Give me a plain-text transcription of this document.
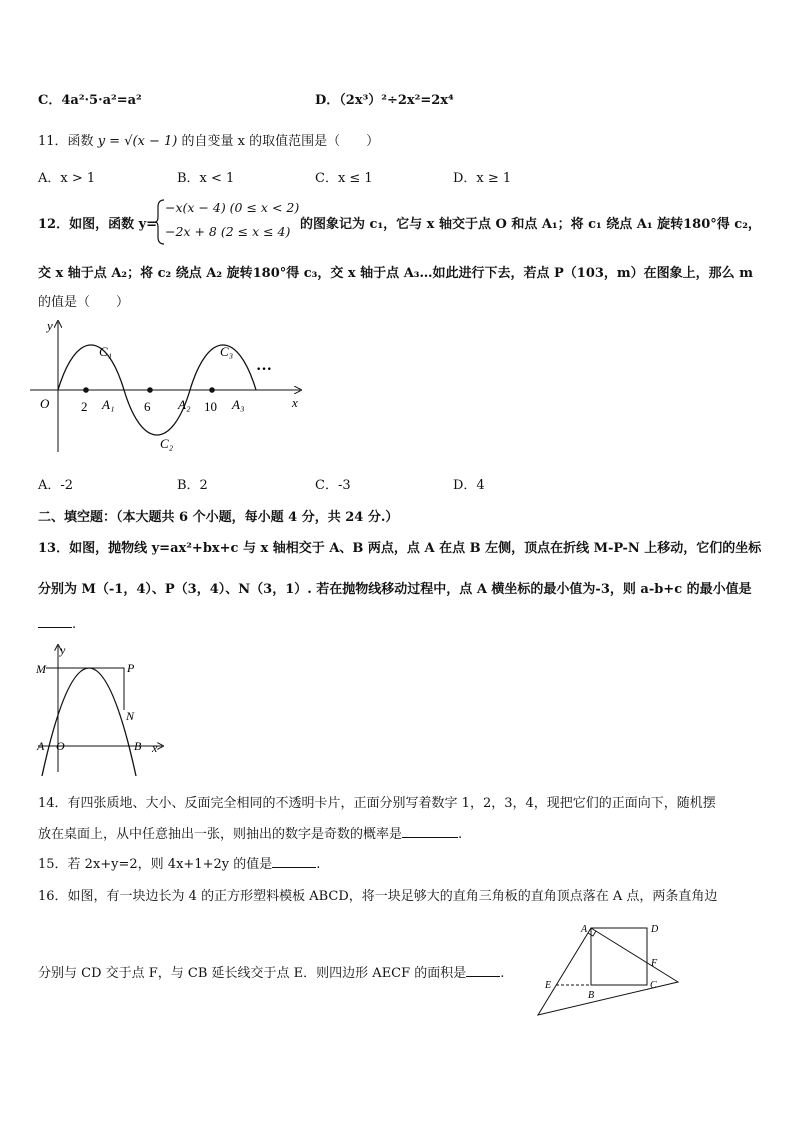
C．4a²·5·a²=a²	D．（2x³）²÷2x²=2x⁴
11．函数 y = √(x − 1) 的自变量 x 的取值范围是（　　）
A．x > 1	B．x < 1	C．x ≤ 1	D．x ≥ 1
12．如图，函数 y=
−x(x − 4) (0 ≤ x < 2)
−2x + 8 (2 ≤ x ≤ 4) 的图象记为 c₁，它与 x 轴交于点 O 和点 A₁；将 c₁ 绕点 A₁ 旋转180°得 c₂，
交 x 轴于点 A₂；将 c₂ 绕点 A₂ 旋转180°得 c₃，交 x 轴于点 A₃…如此进行下去，若点 P（103，m）在图象上，那么 m
的值是（　　）
y
x
O 2 A₁ 6 A₂ 10 A₃
C₁
C₂
C₃
···
A．-2	B．2	C．-3	D．4
二、填空题：（本大题共 6 个小题，每小题 4 分，共 24 分.）
13．如图，抛物线 y=ax²+bx+c 与 x 轴相交于 A、B 两点，点 A 在点 B 左侧，顶点在折线 M-P-N 上移动，它们的坐标
分别为 M（-1，4）、P（3，4）、N（3，1）. 若在抛物线移动过程中，点 A 横坐标的最小值为-3，则 a-b+c 的最小值是
.
M	P
N
A O	B x
y
14．有四张质地、大小、反面完全相同的不透明卡片，正面分别写着数字 1，2，3，4，现把它们的正面向下，随机摆
放在桌面上，从中任意抽出一张，则抽出的数字是奇数的概率是	.
15．若 2x+y=2，则 4x+1+2y 的值是	.
16．如图，有一块边长为 4 的正方形塑料模板 ABCD，将一块足够大的直角三角板的直角顶点落在 A 点，两条直角边
分别与 CD 交于点 F，与 CB 延长线交于点 E．则四边形 AECF 的面积是	.
A	D
F
E
B
C
